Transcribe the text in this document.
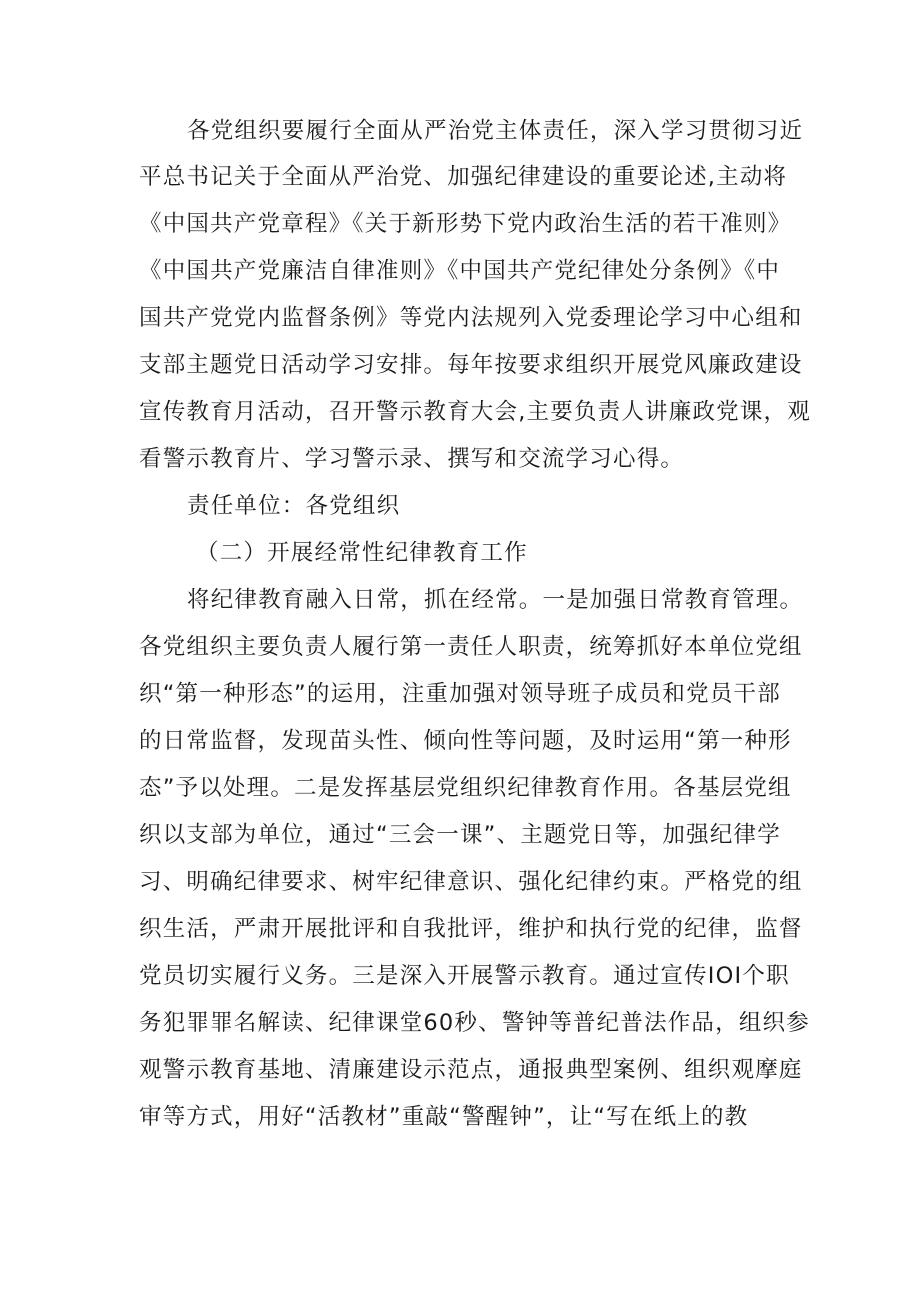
各党组织要履行全面从严治党主体责任，深入学习贯彻习近
平总书记关于全面从严治党、加强纪律建设的重要论述,主动将
《中国共产党章程》《关于新形势下党内政治生活的若干准则》
《中国共产党廉洁自律准则》《中国共产党纪律处分条例》《中
国共产党党内监督条例》等党内法规列入党委理论学习中心组和
支部主题党日活动学习安排。每年按要求组织开展党风廉政建设
宣传教育月活动，召开警示教育大会,主要负责人讲廉政党课，观
看警示教育片、学习警示录、撰写和交流学习心得。
责任单位：各党组织
（二）开展经常性纪律教育工作
将纪律教育融入日常，抓在经常。一是加强日常教育管理。
各党组织主要负责人履行第一责任人职责，统筹抓好本单位党组
织“第一种形态”的运用，注重加强对领导班子成员和党员干部
的日常监督，发现苗头性、倾向性等问题，及时运用“第一种形
态”予以处理。二是发挥基层党组织纪律教育作用。各基层党组
织以支部为单位，通过“三会一课”、主题党日等，加强纪律学
习、明确纪律要求、树牢纪律意识、强化纪律约束。严格党的组
织生活，严肃开展批评和自我批评，维护和执行党的纪律，监督
党员切实履行义务。三是深入开展警示教育。通过宣传IOI个职
务犯罪罪名解读、纪律课堂60秒、警钟等普纪普法作品，组织参
观警示教育基地、清廉建设示范点，通报典型案例、组织观摩庭
审等方式，用好“活教材”重敲“警醒钟”，让“写在纸上的教
